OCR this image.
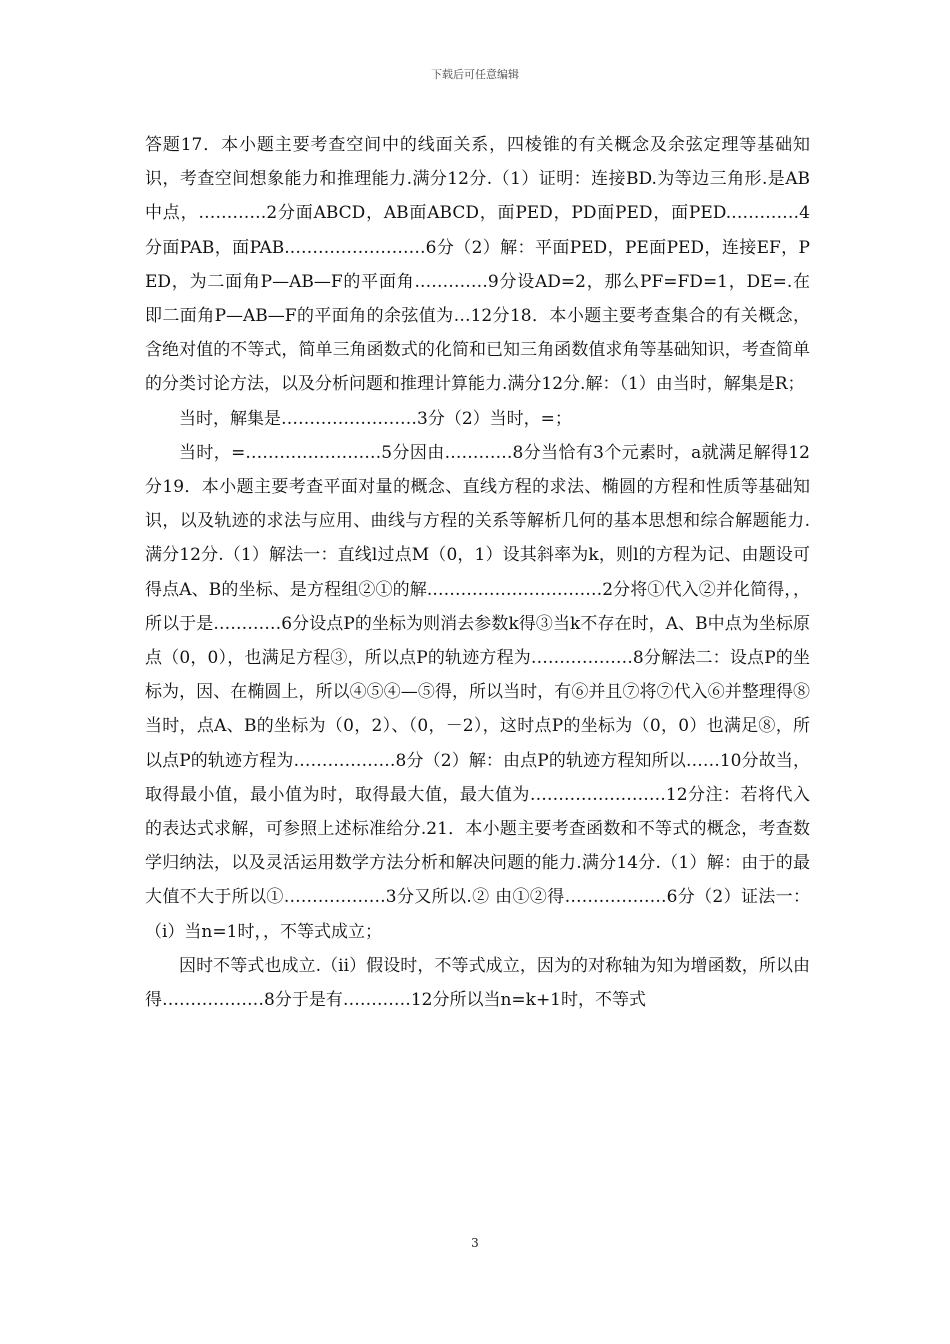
下载后可任意编辑

答题17．本小题主要考查空间中的线面关系，四棱锥的有关概念及余弦定理等基础知识，考查空间想象能力和推理能力.满分12分.（1）证明：连接BD.为等边三角形.是AB中点，…………2分面ABCD，AB面ABCD，面PED，PD面PED，面PED.…………4分面PAB，面PAB.……………………6分（2）解：平面PED，PE面PED，连接EF，PED，为二面角P—AB—F的平面角.…………9分设AD=2，那么PF=FD=1，DE=.在即二面角P—AB—F的平面角的余弦值为…12分18．本小题主要考查集合的有关概念，含绝对值的不等式，简单三角函数式的化简和已知三角函数值求角等基础知识，考查简单的分类讨论方法，以及分析问题和推理计算能力.满分12分.解：（1）由当时，解集是R；

当时，解集是……………………3分（2）当时，=；

当时，=……………………5分因由…………8分当恰有3个元素时，a就满足解得12分19．本小题主要考查平面对量的概念、直线方程的求法、椭圆的方程和性质等基础知识，以及轨迹的求法与应用、曲线与方程的关系等解析几何的基本思想和综合解题能力.满分12分.（1）解法一：直线l过点M（0，1）设其斜率为k，则l的方程为记、由题设可得点A、B的坐标、是方程组②①的解.…………………………2分将①代入②并化简得，，所以于是…………6分设点P的坐标为则消去参数k得③当k不存在时，A、B中点为坐标原点（0，0），也满足方程③，所以点P的轨迹方程为………………8分解法二：设点P的坐标为，因、在椭圆上，所以④⑤④—⑤得，所以当时，有⑥并且⑦将⑦代入⑥并整理得⑧当时，点A、B的坐标为（0，2）、（0，－2），这时点P的坐标为（0，0）也满足⑧，所以点P的轨迹方程为………………8分（2）解：由点P的轨迹方程知所以……10分故当，取得最小值，最小值为时，取得最大值，最大值为……………………12分注：若将代入的表达式求解，可参照上述标准给分.21．本小题主要考查函数和不等式的概念，考查数学归纳法，以及灵活运用数学方法分析和解决问题的能力.满分14分.（1）解：由于的最大值不大于所以①………………3分又所以.② 由①②得………………6分（2）证法一：（i）当n=1时，，不等式成立；

因时不等式也成立.（ii）假设时，不等式成立，因为的对称轴为知为增函数，所以由得………………8分于是有…………12分所以当n=k+1时，不等式

3
